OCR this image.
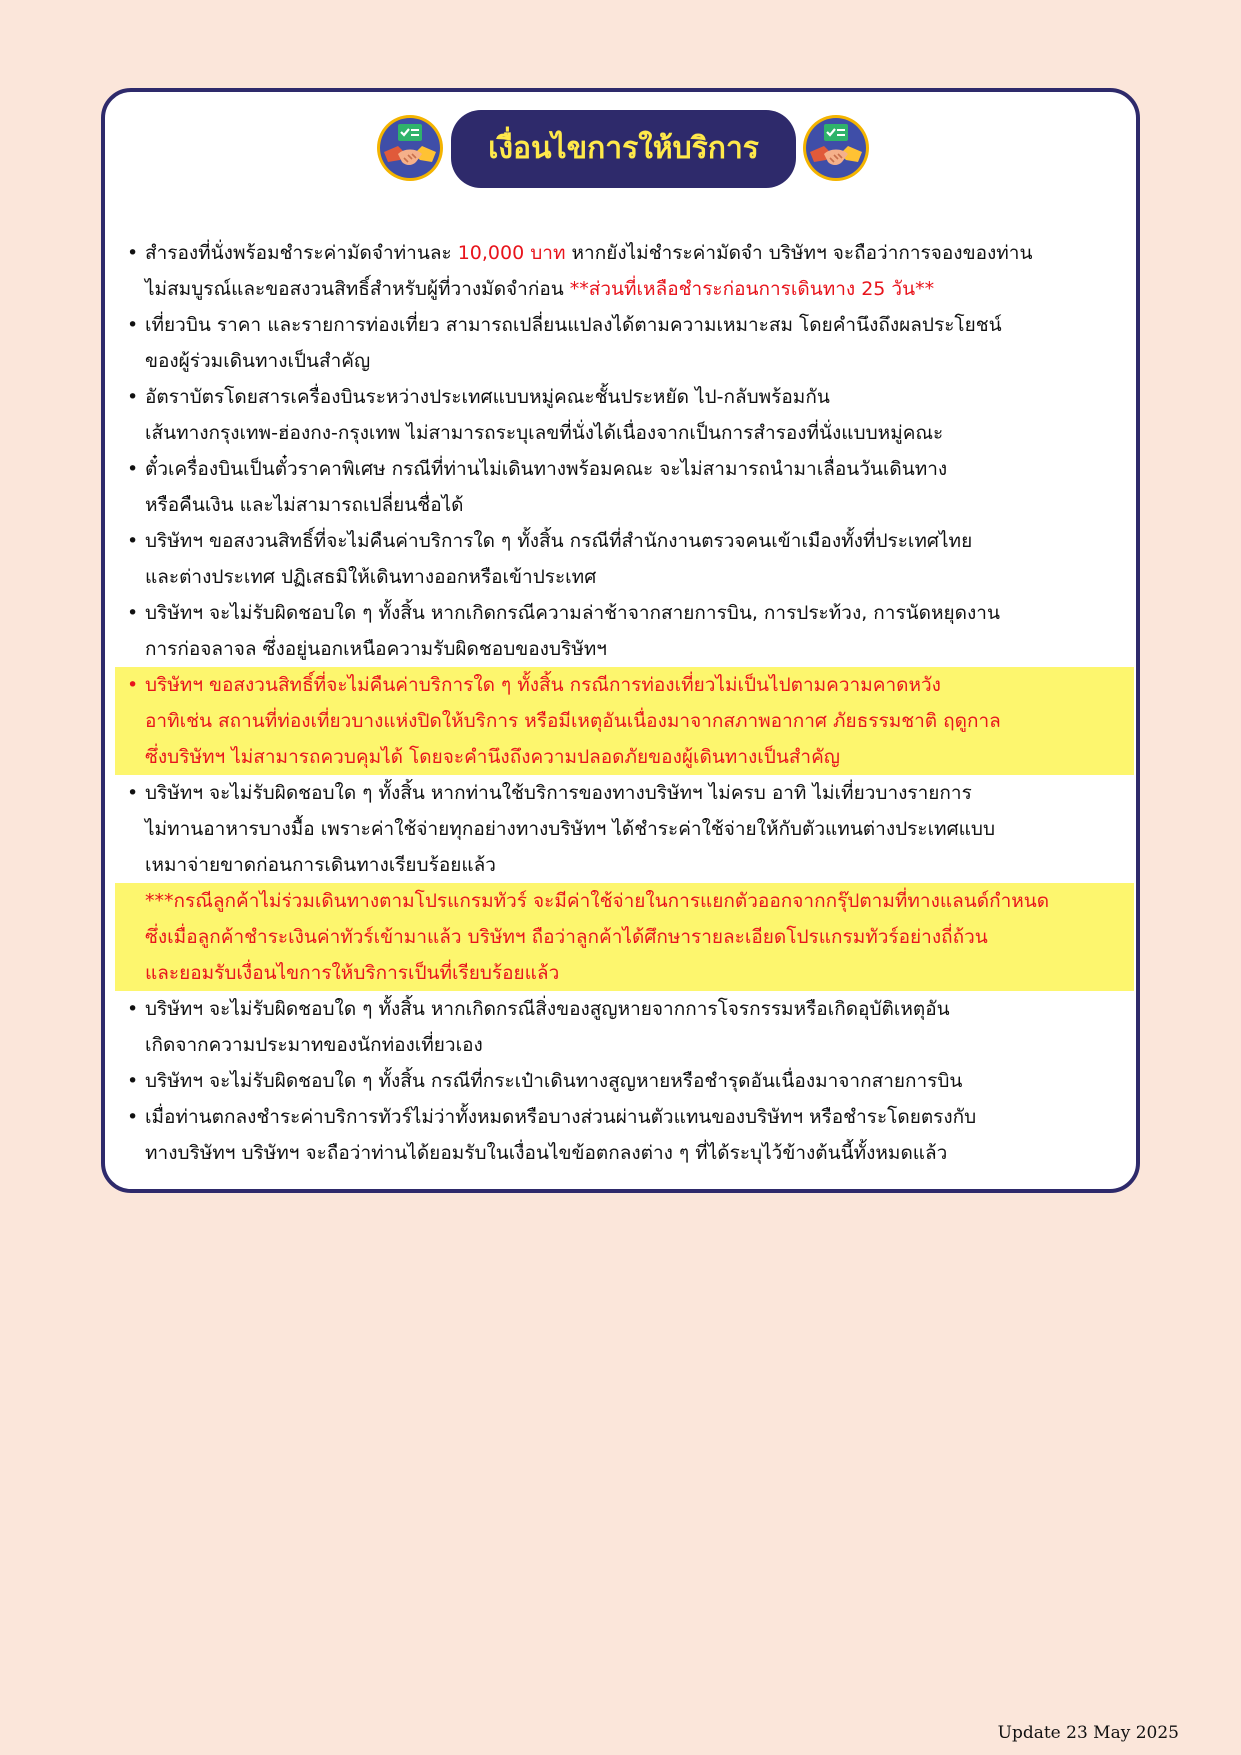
เงื่อนไขการให้บริการ
• สำรองที่นั่งพร้อมชำระค่ามัดจำท่านละ 10,000 บาท หากยังไม่ชำระค่ามัดจำ บริษัทฯ จะถือว่าการจองของท่าน
ไม่สมบูรณ์และขอสงวนสิทธิ์สำหรับผู้ที่วางมัดจำก่อน **ส่วนที่เหลือชำระก่อนการเดินทาง 25 วัน**
• เที่ยวบิน ราคา และรายการท่องเที่ยว สามารถเปลี่ยนแปลงได้ตามความเหมาะสม โดยคำนึงถึงผลประโยชน์
ของผู้ร่วมเดินทางเป็นสำคัญ
• อัตราบัตรโดยสารเครื่องบินระหว่างประเทศแบบหมู่คณะชั้นประหยัด ไป-กลับพร้อมกัน
เส้นทางกรุงเทพ-ฮ่องกง-กรุงเทพ ไม่สามารถระบุเลขที่นั่งได้เนื่องจากเป็นการสำรองที่นั่งแบบหมู่คณะ
• ตั๋วเครื่องบินเป็นตั๋วราคาพิเศษ กรณีที่ท่านไม่เดินทางพร้อมคณะ จะไม่สามารถนำมาเลื่อนวันเดินทาง
หรือคืนเงิน และไม่สามารถเปลี่ยนชื่อได้
• บริษัทฯ ขอสงวนสิทธิ์ที่จะไม่คืนค่าบริการใด ๆ ทั้งสิ้น กรณีที่สำนักงานตรวจคนเข้าเมืองทั้งที่ประเทศไทย
และต่างประเทศ ปฏิเสธมิให้เดินทางออกหรือเข้าประเทศ
• บริษัทฯ จะไม่รับผิดชอบใด ๆ ทั้งสิ้น หากเกิดกรณีความล่าช้าจากสายการบิน, การประท้วง, การนัดหยุดงาน
การก่อจลาจล ซึ่งอยู่นอกเหนือความรับผิดชอบของบริษัทฯ
• บริษัทฯ ขอสงวนสิทธิ์ที่จะไม่คืนค่าบริการใด ๆ ทั้งสิ้น กรณีการท่องเที่ยวไม่เป็นไปตามความคาดหวัง
อาทิเช่น สถานที่ท่องเที่ยวบางแห่งปิดให้บริการ หรือมีเหตุอันเนื่องมาจากสภาพอากาศ ภัยธรรมชาติ ฤดูกาล
ซึ่งบริษัทฯ ไม่สามารถควบคุมได้ โดยจะคำนึงถึงความปลอดภัยของผู้เดินทางเป็นสำคัญ
• บริษัทฯ จะไม่รับผิดชอบใด ๆ ทั้งสิ้น หากท่านใช้บริการของทางบริษัทฯ ไม่ครบ อาทิ ไม่เที่ยวบางรายการ
ไม่ทานอาหารบางมื้อ เพราะค่าใช้จ่ายทุกอย่างทางบริษัทฯ ได้ชำระค่าใช้จ่ายให้กับตัวแทนต่างประเทศแบบ
เหมาจ่ายขาดก่อนการเดินทางเรียบร้อยแล้ว
***กรณีลูกค้าไม่ร่วมเดินทางตามโปรแกรมทัวร์ จะมีค่าใช้จ่ายในการแยกตัวออกจากกรุ๊ปตามที่ทางแลนด์กำหนด
ซึ่งเมื่อลูกค้าชำระเงินค่าทัวร์เข้ามาแล้ว บริษัทฯ ถือว่าลูกค้าได้ศึกษารายละเอียดโปรแกรมทัวร์อย่างถี่ถ้วน
และยอมรับเงื่อนไขการให้บริการเป็นที่เรียบร้อยแล้ว
• บริษัทฯ จะไม่รับผิดชอบใด ๆ ทั้งสิ้น หากเกิดกรณีสิ่งของสูญหายจากการโจรกรรมหรือเกิดอุบัติเหตุอัน
เกิดจากความประมาทของนักท่องเที่ยวเอง
• บริษัทฯ จะไม่รับผิดชอบใด ๆ ทั้งสิ้น กรณีที่กระเป๋าเดินทางสูญหายหรือชำรุดอันเนื่องมาจากสายการบิน
• เมื่อท่านตกลงชำระค่าบริการทัวร์ไม่ว่าทั้งหมดหรือบางส่วนผ่านตัวแทนของบริษัทฯ หรือชำระโดยตรงกับ
ทางบริษัทฯ บริษัทฯ จะถือว่าท่านได้ยอมรับในเงื่อนไขข้อตกลงต่าง ๆ ที่ได้ระบุไว้ข้างต้นนี้ทั้งหมดแล้ว
Update 23 May 2025
